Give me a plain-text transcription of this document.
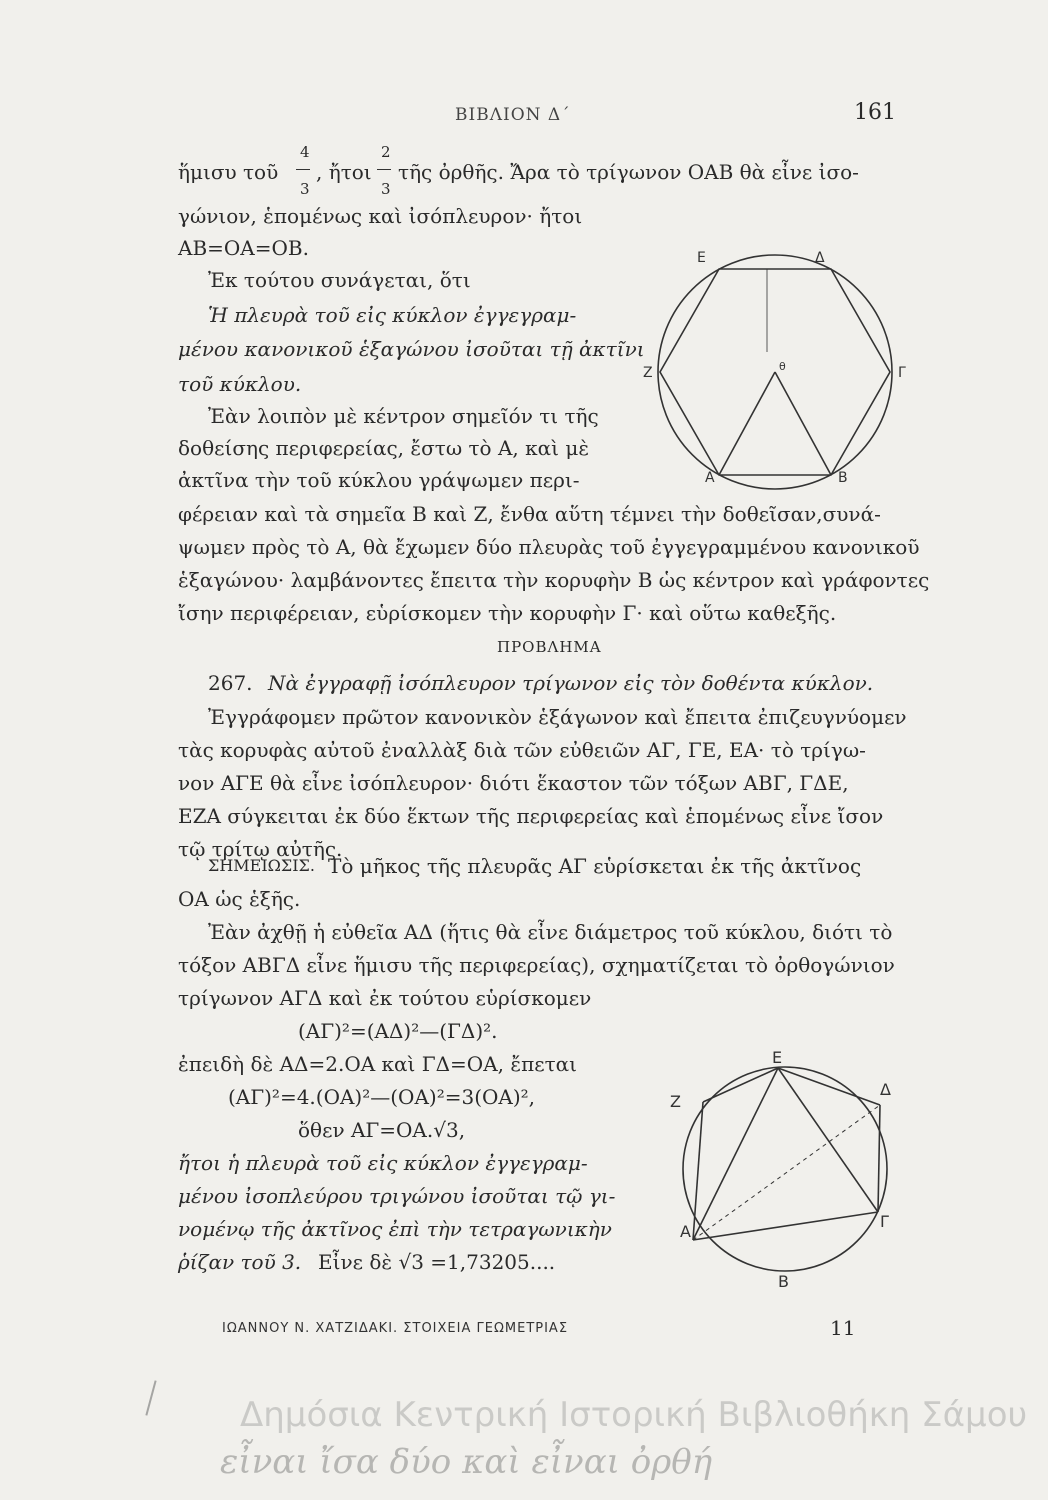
ΒΙΒΛΙΟΝ Δ΄	161
4
3
2
3
ἥμισυ τοῦ , ἤτοι τῆς ὀρθῆς. Ἄρα τὸ τρίγωνον ΟΑΒ θὰ εἶνε ἰσο-
γώνιον, ἑπομένως καὶ ἰσόπλευρον· ἤτοι
ΑΒ=ΟΑ=ΟΒ.
Ἐκ τούτου συνάγεται, ὅτι
Ἡ πλευρὰ τοῦ εἰς κύκλον ἐγγεγραμ-
μένου κανονικοῦ ἑξαγώνου ἰσοῦται τῇ ἀκτῖνι
τοῦ κύκλου.
Ἐὰν λοιπὸν μὲ κέντρον σημεῖόν τι τῆς
δοθείσης περιφερείας, ἔστω τὸ Α, καὶ μὲ
ἀκτῖνα τὴν τοῦ κύκλου γράψωμεν περι-
φέρειαν καὶ τὰ σημεῖα Β καὶ Ζ, ἔνθα αὕτη τέμνει τὴν δοθεῖσαν,συνά-
ψωμεν πρὸς τὸ Α, θὰ ἔχωμεν δύο πλευρὰς τοῦ ἐγγεγραμμένου κανονικοῦ
ἑξαγώνου· λαμβάνοντες ἔπειτα τὴν κορυφὴν Β ὡς κέντρον καὶ γράφοντες
ἴσην περιφέρειαν, εὑρίσκομεν τὴν κορυφὴν Γ· καὶ οὕτω καθεξῆς.
Ε	Δ
Ζ	θ	Γ
Α	Β
ΠΡΟΒΛΗΜΑ
267. Νὰ ἐγγραφῇ ἰσόπλευρον τρίγωνον εἰς τὸν δοθέντα κύκλον.
Ἐγγράφομεν πρῶτον κανονικὸν ἑξάγωνον καὶ ἔπειτα ἐπιζευγνύομεν
τὰς κορυφὰς αὐτοῦ ἐναλλὰξ διὰ τῶν εὐθειῶν ΑΓ, ΓΕ, ΕΑ· τὸ τρίγω-
νον ΑΓΕ θὰ εἶνε ἰσόπλευρον· διότι ἕκαστον τῶν τόξων ΑΒΓ, ΓΔΕ,
ΕΖΑ σύγκειται ἐκ δύο ἕκτων τῆς περιφερείας καὶ ἑπομένως εἶνε ἴσον
τῷ τρίτῳ αὐτῆς.
ΣΗΜΕΙΩΣΙΣ. Τὸ μῆκος τῆς πλευρᾶς ΑΓ εὑρίσκεται ἐκ τῆς ἀκτῖνος
ΟΑ ὡς ἑξῆς.
Ἐὰν ἀχθῇ ἡ εὐθεῖα ΑΔ (ἥτις θὰ εἶνε διάμετρος τοῦ κύκλου, διότι τὸ
τόξον ΑΒΓΔ εἶνε ἥμισυ τῆς περιφερείας), σχηματίζεται τὸ ὀρθογώνιον
τρίγωνον ΑΓΔ καὶ ἐκ τούτου εὑρίσκομεν
(ΑΓ)²=(ΑΔ)²—(ΓΔ)².
ἐπειδὴ δὲ ΑΔ=2.ΟΑ καὶ ΓΔ=ΟΑ, ἔπεται
(ΑΓ)²=4.(ΟΑ)²—(ΟΑ)²=3(ΟΑ)²,
ὅθεν ΑΓ=ΟΑ.√3,
ἤτοι ἡ πλευρὰ τοῦ εἰς κύκλον ἐγγεγραμ-
μένου ἰσοπλεύρου τριγώνου ἰσοῦται τῷ γι-
νομένῳ τῆς ἀκτῖνος ἐπὶ τὴν τετραγωνικὴν
ῥίζαν τοῦ 3. Εἶνε δὲ √3 =1,73205....
Ε
Ζ
Δ
Α
Γ
Β
ΙΩΑΝΝΟΥ Ν. ΧΑΤΖΙΔΑΚΙ. ΣΤΟΙΧΕΙΑ ΓΕΩΜΕΤΡΙΑΣ	11
Δημόσια Κεντρική Ιστορική Βιβλιοθήκη Σάμου
εἶναι ἴσα δύο καὶ εἶναι ὀρθή
